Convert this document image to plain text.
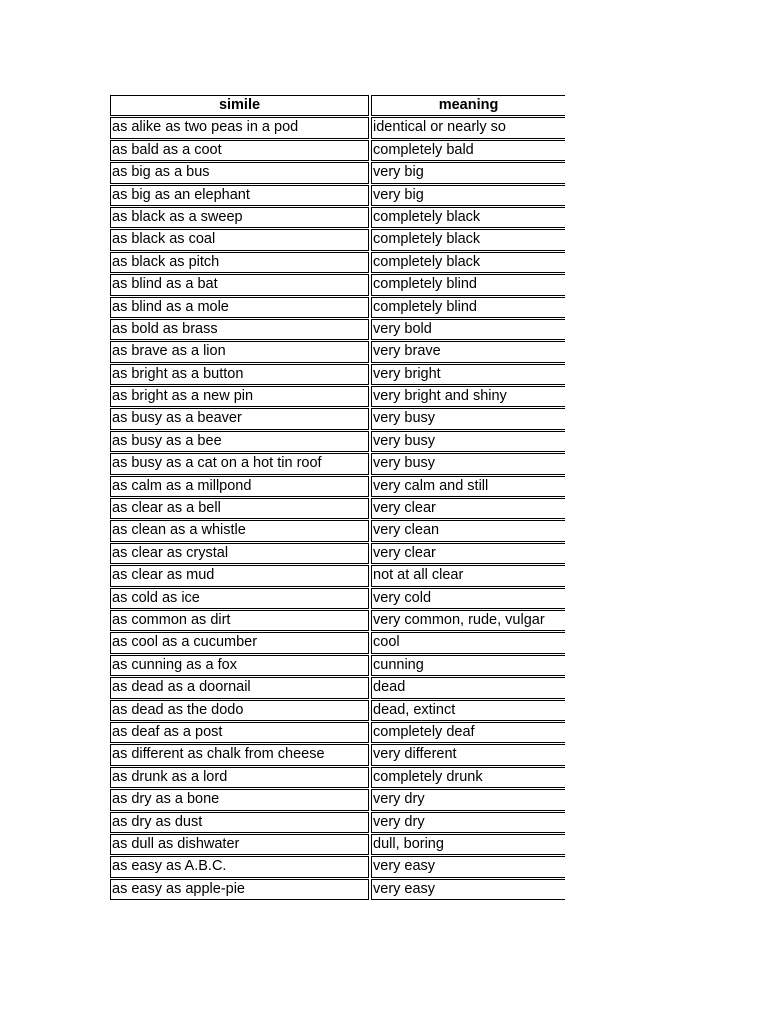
simile	meaning
as alike as two peas in a pod	identical or nearly so
as bald as a coot	completely bald
as big as a bus	very big
as big as an elephant	very big
as black as a sweep	completely black
as black as coal	completely black
as black as pitch	completely black
as blind as a bat	completely blind
as blind as a mole	completely blind
as bold as brass	very bold
as brave as a lion	very brave
as bright as a button	very bright
as bright as a new pin	very bright and shiny
as busy as a beaver	very busy
as busy as a bee	very busy
as busy as a cat on a hot tin roof	very busy
as calm as a millpond	very calm and still
as clear as a bell	very clear
as clean as a whistle	very clean
as clear as crystal	very clear
as clear as mud	not at all clear
as cold as ice	very cold
as common as dirt	very common, rude, vulgar
as cool as a cucumber	cool
as cunning as a fox	cunning
as dead as a doornail	dead
as dead as the dodo	dead, extinct
as deaf as a post	completely deaf
as different as chalk from cheese	very different
as drunk as a lord	completely drunk
as dry as a bone	very dry
as dry as dust	very dry
as dull as dishwater	dull, boring
as easy as A.B.C.	very easy
as easy as apple-pie	very easy
